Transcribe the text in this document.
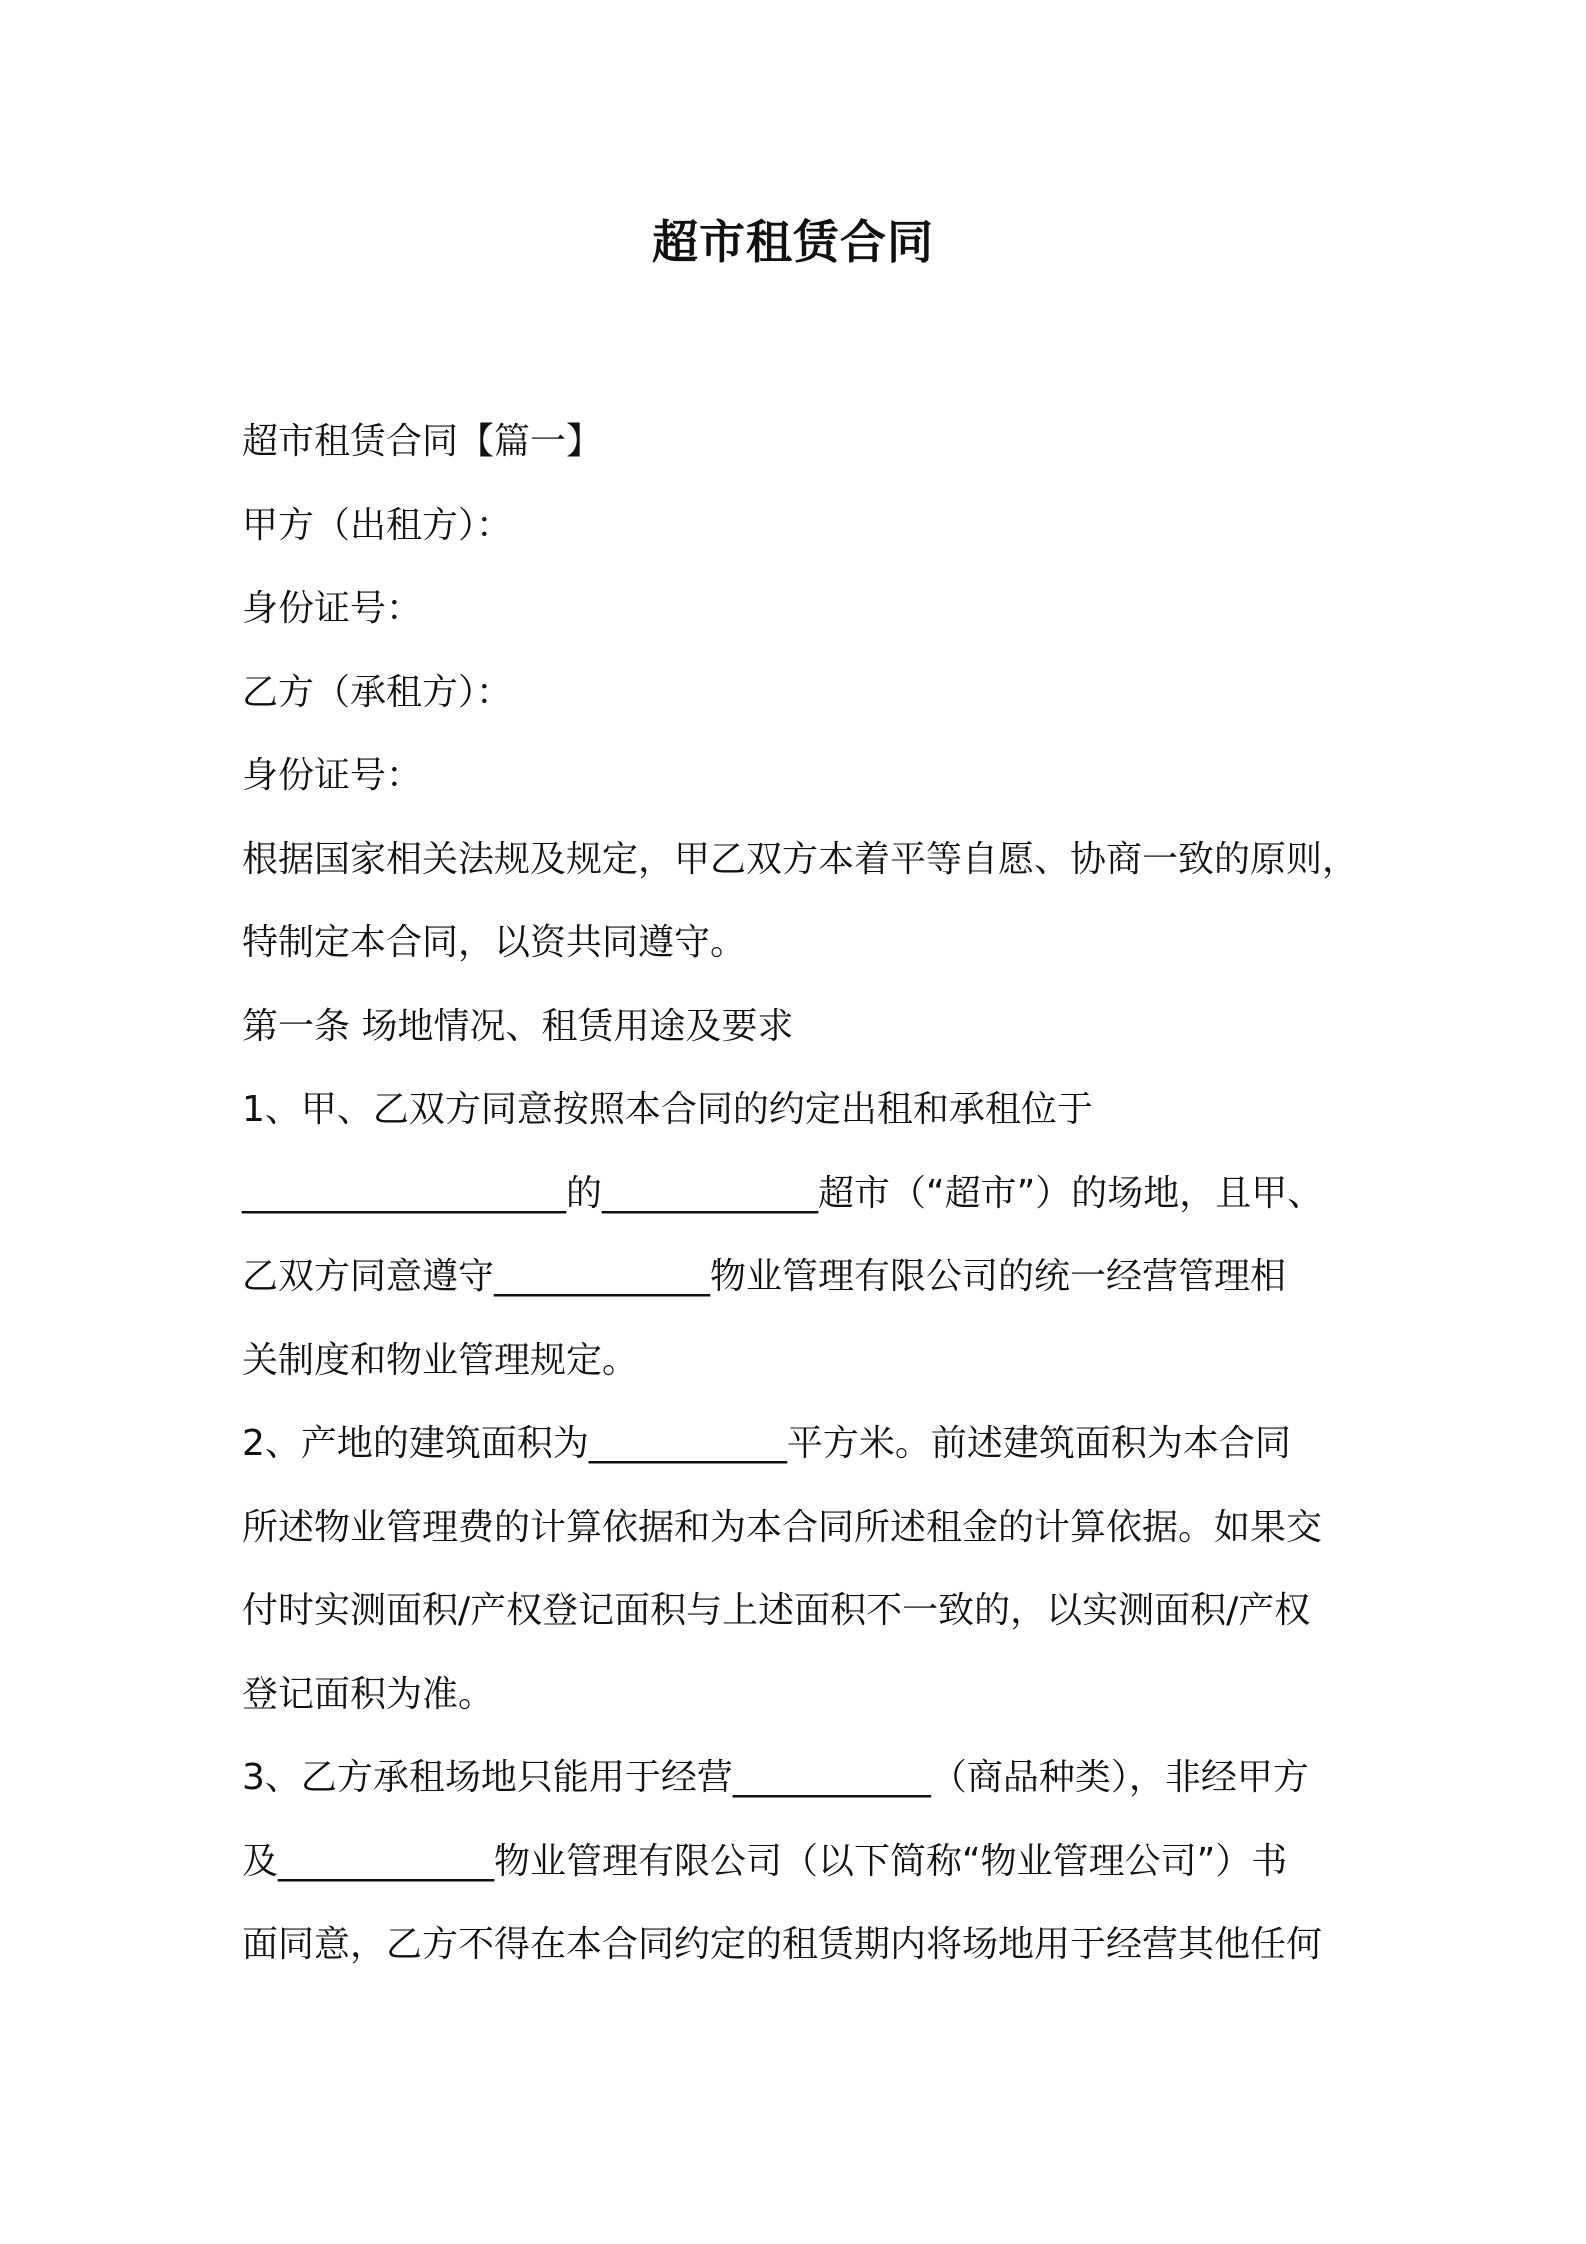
超市租赁合同
超市租赁合同【篇一】
甲方（出租方）：
身份证号：
乙方（承租方）：
身份证号：
根据国家相关法规及规定，甲乙双方本着平等自愿、协商一致的原则，
特制定本合同，以资共同遵守。
第一条 场地情况、租赁用途及要求
1、甲、乙双方同意按照本合同的约定出租和承租位于
__________________的____________超市（“超市”）的场地，且甲、
乙双方同意遵守____________物业管理有限公司的统一经营管理相
关制度和物业管理规定。
2、产地的建筑面积为___________平方米。前述建筑面积为本合同
所述物业管理费的计算依据和为本合同所述租金的计算依据。如果交
付时实测面积/产权登记面积与上述面积不一致的，以实测面积/产权
登记面积为准。
3、乙方承租场地只能用于经营___________（商品种类），非经甲方
及____________物业管理有限公司（以下简称“物业管理公司”）书
面同意，乙方不得在本合同约定的租赁期内将场地用于经营其他任何
